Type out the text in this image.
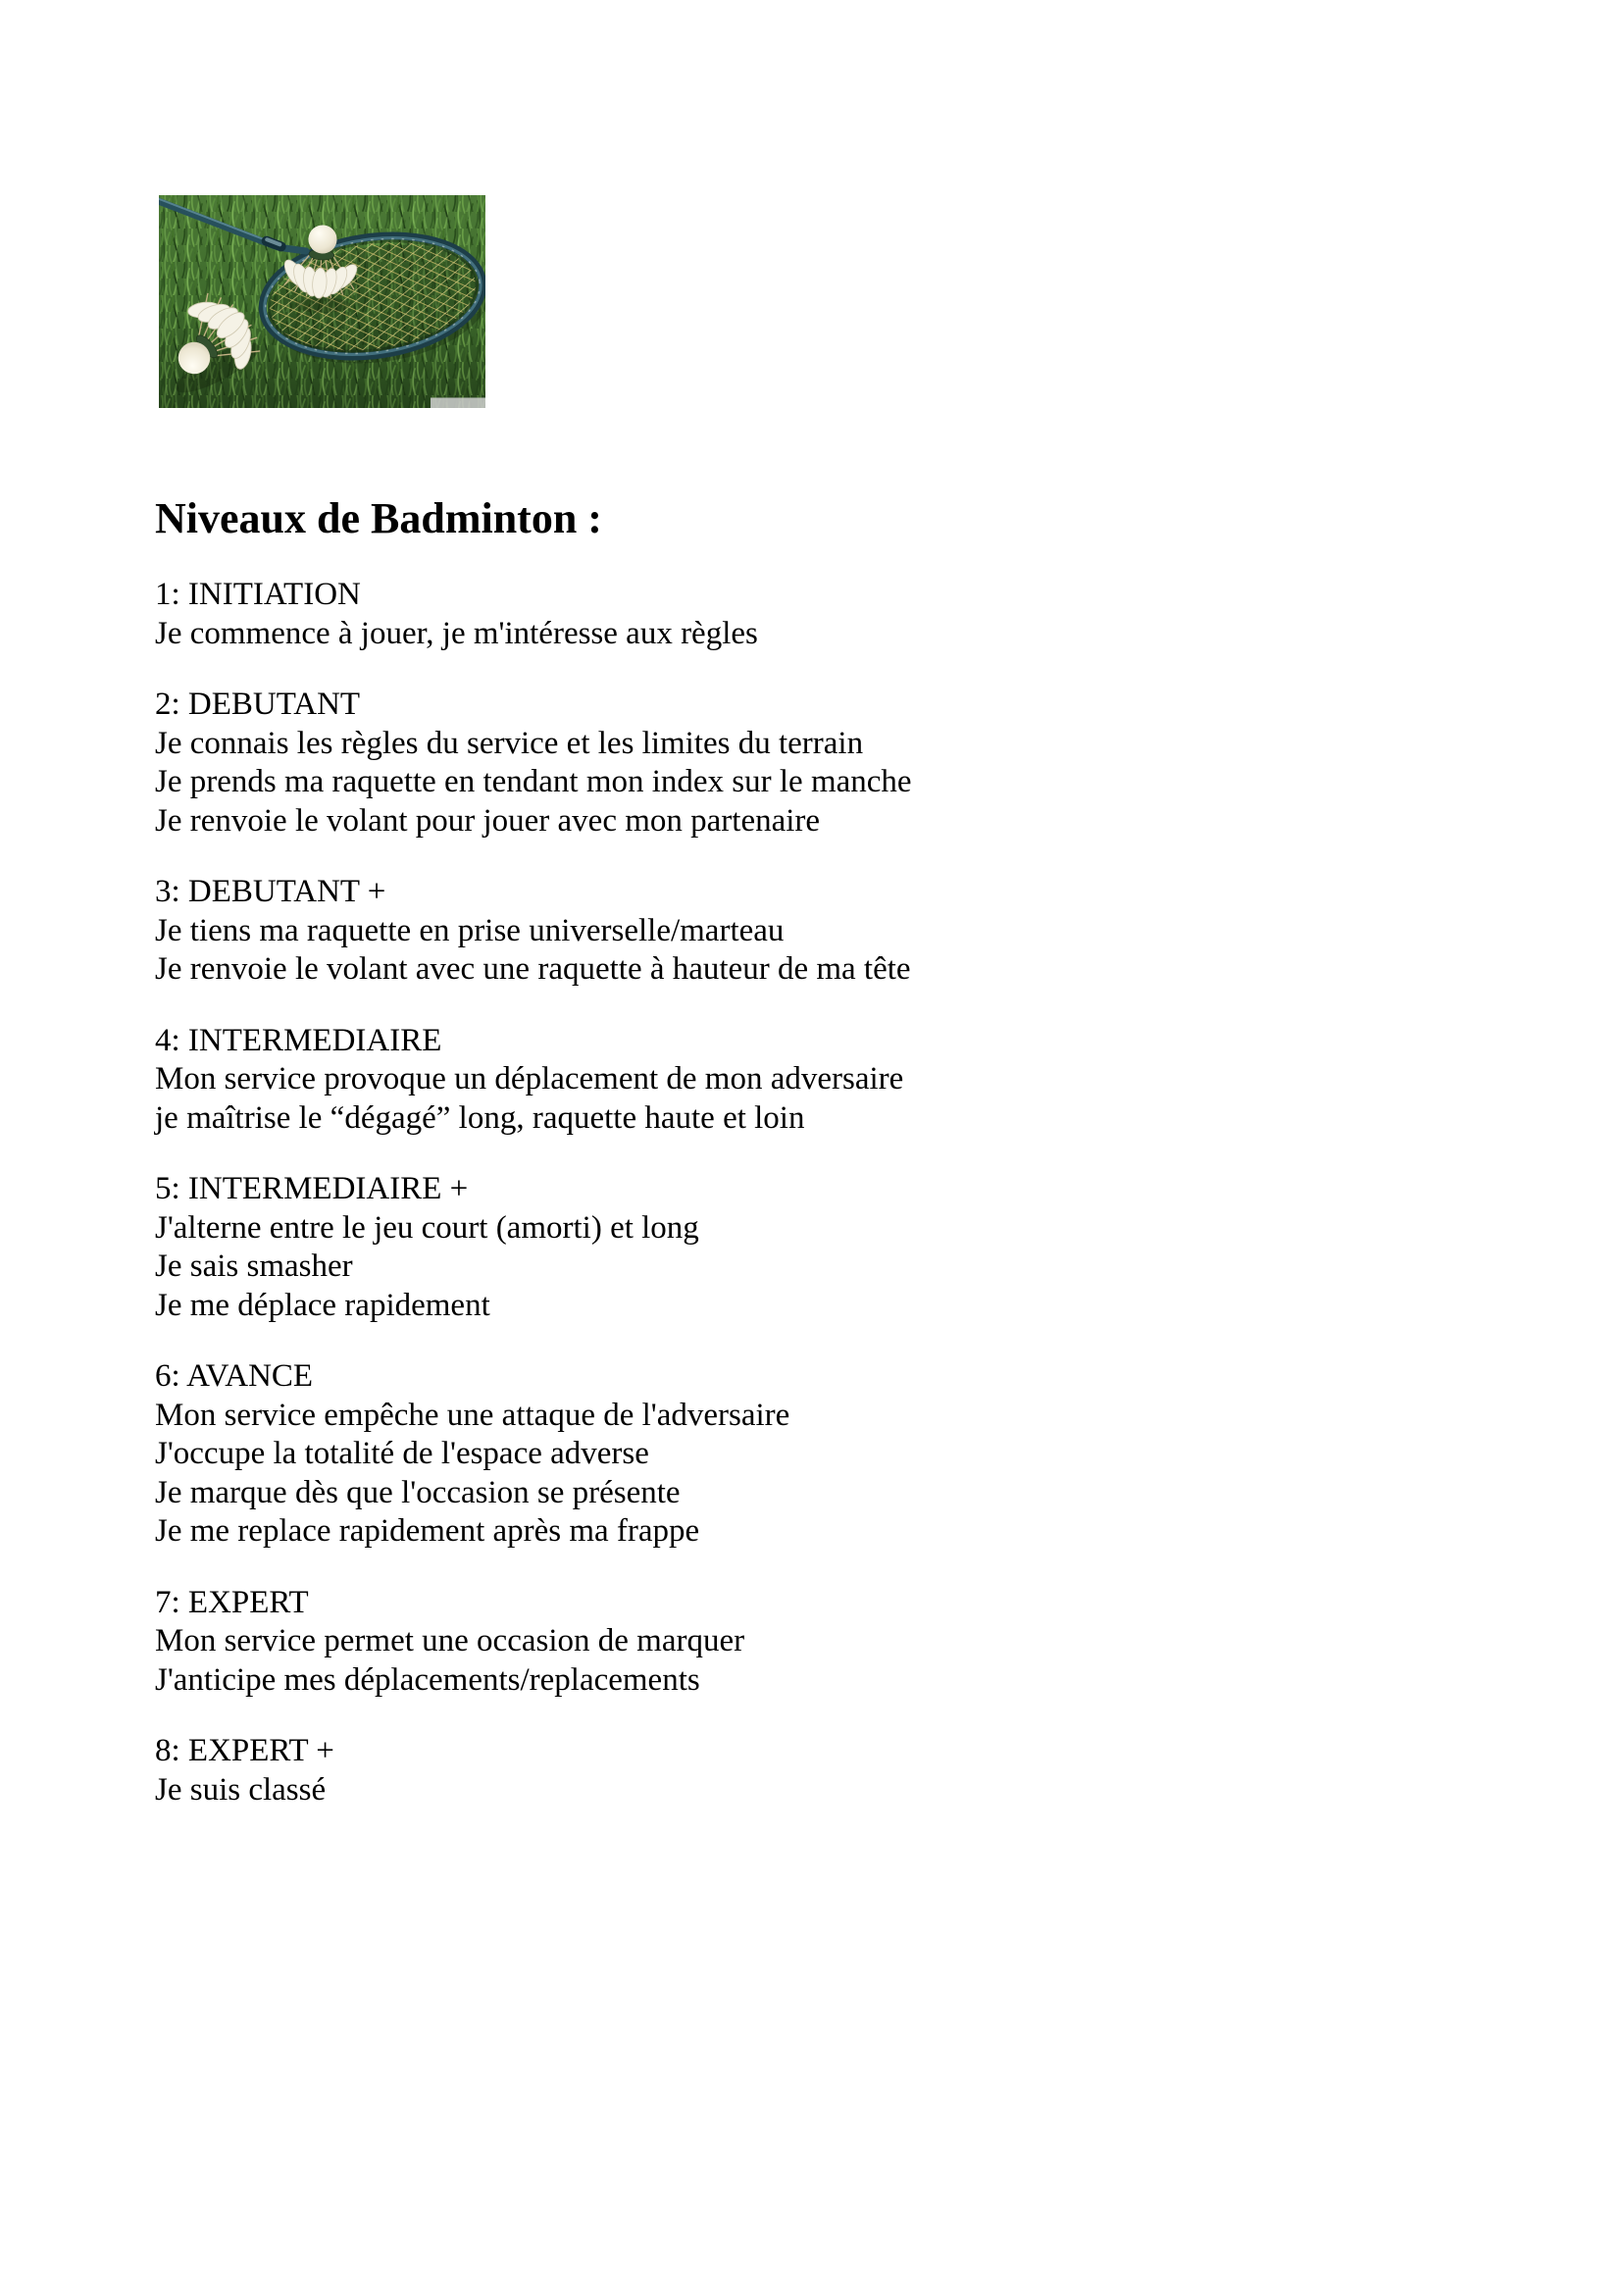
Niveaux de Badminton :
1: INITIATION
Je commence à jouer, je m'intéresse aux règles
2: DEBUTANT
Je connais les règles du service et les limites du terrain
Je prends ma raquette en tendant mon index sur le manche
Je renvoie le volant pour jouer avec mon partenaire
3: DEBUTANT +
Je tiens ma raquette en prise universelle/marteau
Je renvoie le volant avec une raquette à hauteur de ma tête
4: INTERMEDIAIRE
Mon service provoque un déplacement de mon adversaire
je maîtrise le “dégagé” long, raquette haute et loin
5: INTERMEDIAIRE +
J'alterne entre le jeu court (amorti) et long
Je sais smasher
Je me déplace rapidement
6: AVANCE
Mon service empêche une attaque de l'adversaire
J'occupe la totalité de l'espace adverse
Je marque dès que l'occasion se présente
Je me replace rapidement après ma frappe
7: EXPERT
Mon service permet une occasion de marquer
J'anticipe mes déplacements/replacements
8: EXPERT +
Je suis classé
